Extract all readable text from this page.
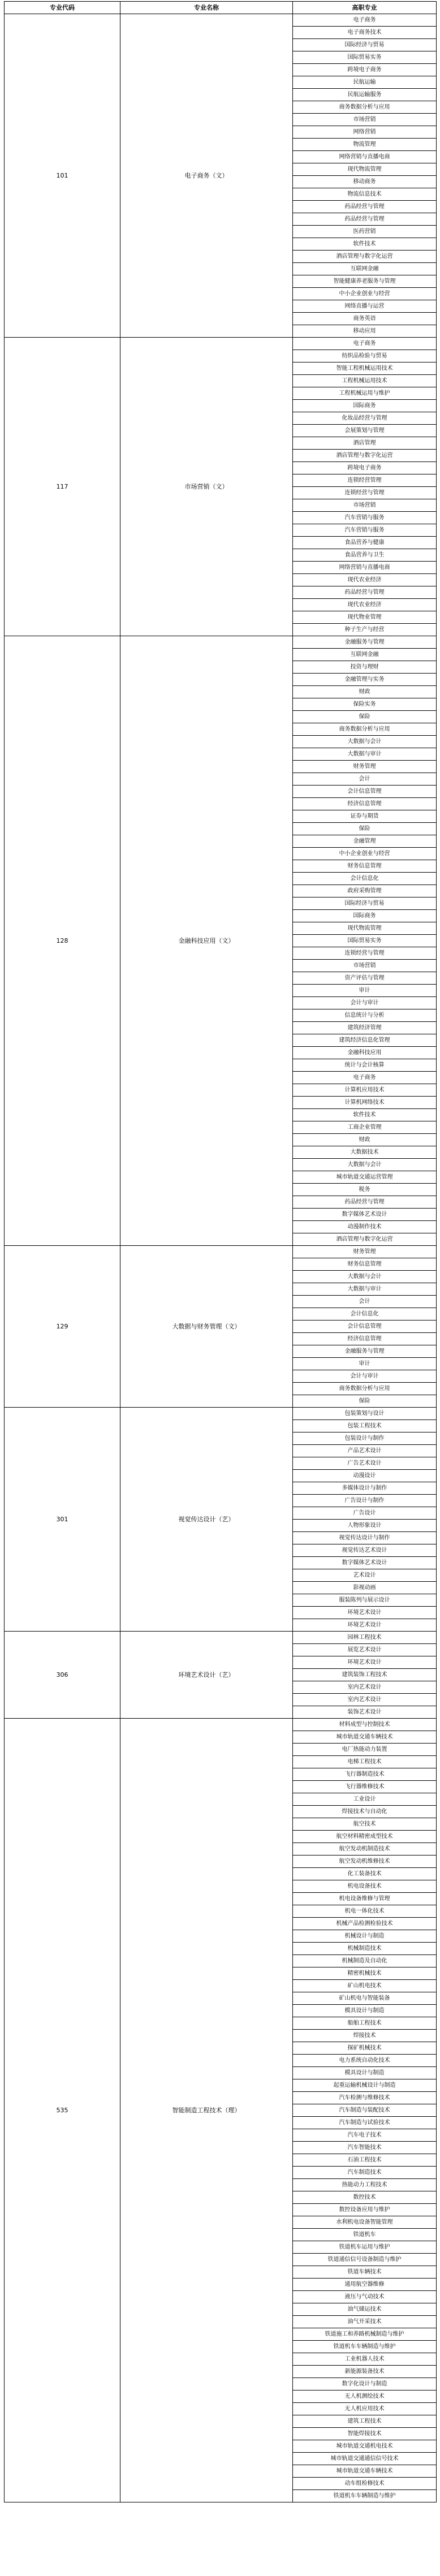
专业代码	专业名称	高职专业
101	电子商务（文）	电子商务
		电子商务技术
		国际经济与贸易
		国际贸易实务
		跨境电子商务
		民航运输
		民航运输服务
		商务数据分析与应用
		市场营销
		网络营销
		物流管理
		网络营销与直播电商
		现代物流管理
		移动商务
		物流信息技术
		药品经营与管理
		药品经营与管理
		医药营销
		软件技术
		酒店管理与数字化运营
		互联网金融
		智能健康养老服务与管理
		中小企业创业与经营
		网络直播与运营
		商务英语
		移动应用
117	市场营销（文）	电子商务
		纺织品检验与贸易
		智能工程机械运用技术
		工程机械运用技术
		工程机械运用与维护
		国际商务
		化妆品经营与管理
		会展策划与管理
		酒店管理
		酒店管理与数字化运营
		跨境电子商务
		连锁经营管理
		连锁经营与管理
		市场营销
		汽车营销与服务
		汽车营销与服务
		食品营养与健康
		食品营养与卫生
		网络营销与直播电商
		现代农业经济
		药品经营与管理
		现代农业经济
		现代物业管理
		种子生产与经营
128	金融科技应用（文）	金融服务与管理
		互联网金融
		投资与理财
		金融管理与实务
		财政
		保险实务
		保险
		商务数据分析与应用
		大数据与会计
		大数据与审计
		财务管理
		会计
		会计信息管理
		经济信息管理
		证券与期货
		保险
		金融管理
		中小企业创业与经营
		财务信息管理
		会计信息化
		政府采购管理
		国际经济与贸易
		国际商务
		现代物流管理
		国际贸易实务
		连锁经营与管理
		市场营销
		资产评估与管理
		审计
		会计与审计
		信息统计与分析
		建筑经济管理
		建筑经济信息化管理
		金融科技应用
		统计与会计核算
		电子商务
		计算机应用技术
		计算机网络技术
		软件技术
		工商企业管理
		财政
		大数据技术
		大数据与会计
		城市轨道交通运营管理
		税务
		药品经营与管理
		数字媒体艺术设计
		动漫制作技术
		酒店管理与数字化运营
129	大数据与财务管理（文）	财务管理
		财务信息管理
		大数据与会计
		大数据与审计
		会计
		会计信息化
		会计信息管理
		经济信息管理
		金融服务与管理
		审计
		会计与审计
		商务数据分析与应用
		保险
301	视觉传达设计（艺）	包装策划与设计
		包装工程技术
		包装设计与制作
		产品艺术设计
		广告艺术设计
		动漫设计
		多媒体设计与制作
		广告设计与制作
		广告设计
		人物形象设计
		视觉传达设计与制作
		视觉传达艺术设计
		数字媒体艺术设计
		艺术设计
		影视动画
		服装陈列与展示设计
		环境艺术设计
		环境艺术设计
306	环境艺术设计（艺）	园林工程技术
		展览艺术设计
		环境艺术设计
		建筑装饰工程技术
		室内艺术设计
		室内艺术设计
		装饰艺术设计
535	智能制造工程技术（理）	材料成型与控制技术
		城市轨道交通车辆技术
		电厂热能动力装置
		电梯工程技术
		飞行器制造技术
		飞行器维修技术
		工业设计
		焊接技术与自动化
		航空技术
		航空材料精密成型技术
		航空发动机制造技术
		航空发动机维修技术
		化工装备技术
		机电设备技术
		机电设备维修与管理
		机电一体化技术
		机械产品检测检验技术
		机械设计与制造
		机械制造技术
		机械制造及自动化
		精密机械技术
		矿山机电技术
		矿山机电与智能装备
		模具设计与制造
		船舶工程技术
		焊接技术
		探矿机械技术
		电力系统自动化技术
		模具设计与制造
		起重运输机械设计与制造
		汽车检测与维修技术
		汽车制造与装配技术
		汽车制造与试验技术
		汽车电子技术
		汽车智能技术
		石油工程技术
		汽车制造技术
		热能动力工程技术
		数控技术
		数控设备应用与维护
		水利机电设备智能管理
		铁道机车
		铁道机车运用与维护
		铁道通信信号设备制造与维护
		铁道车辆技术
		通用航空器维修
		液压与气动技术
		油气储运技术
		油气开采技术
		铁道施工和养路机械制造与维护
		铁道机车车辆制造与维护
		工业机器人技术
		新能源装备技术
		数字化设计与制造
		无人机测绘技术
		无人机应用技术
		建筑工程技术
		智能焊接技术
		城市轨道交通机电技术
		城市轨道交通通信信号技术
		城市轨道交通车辆技术
		动车组检修技术
		铁道机车车辆制造与维护
